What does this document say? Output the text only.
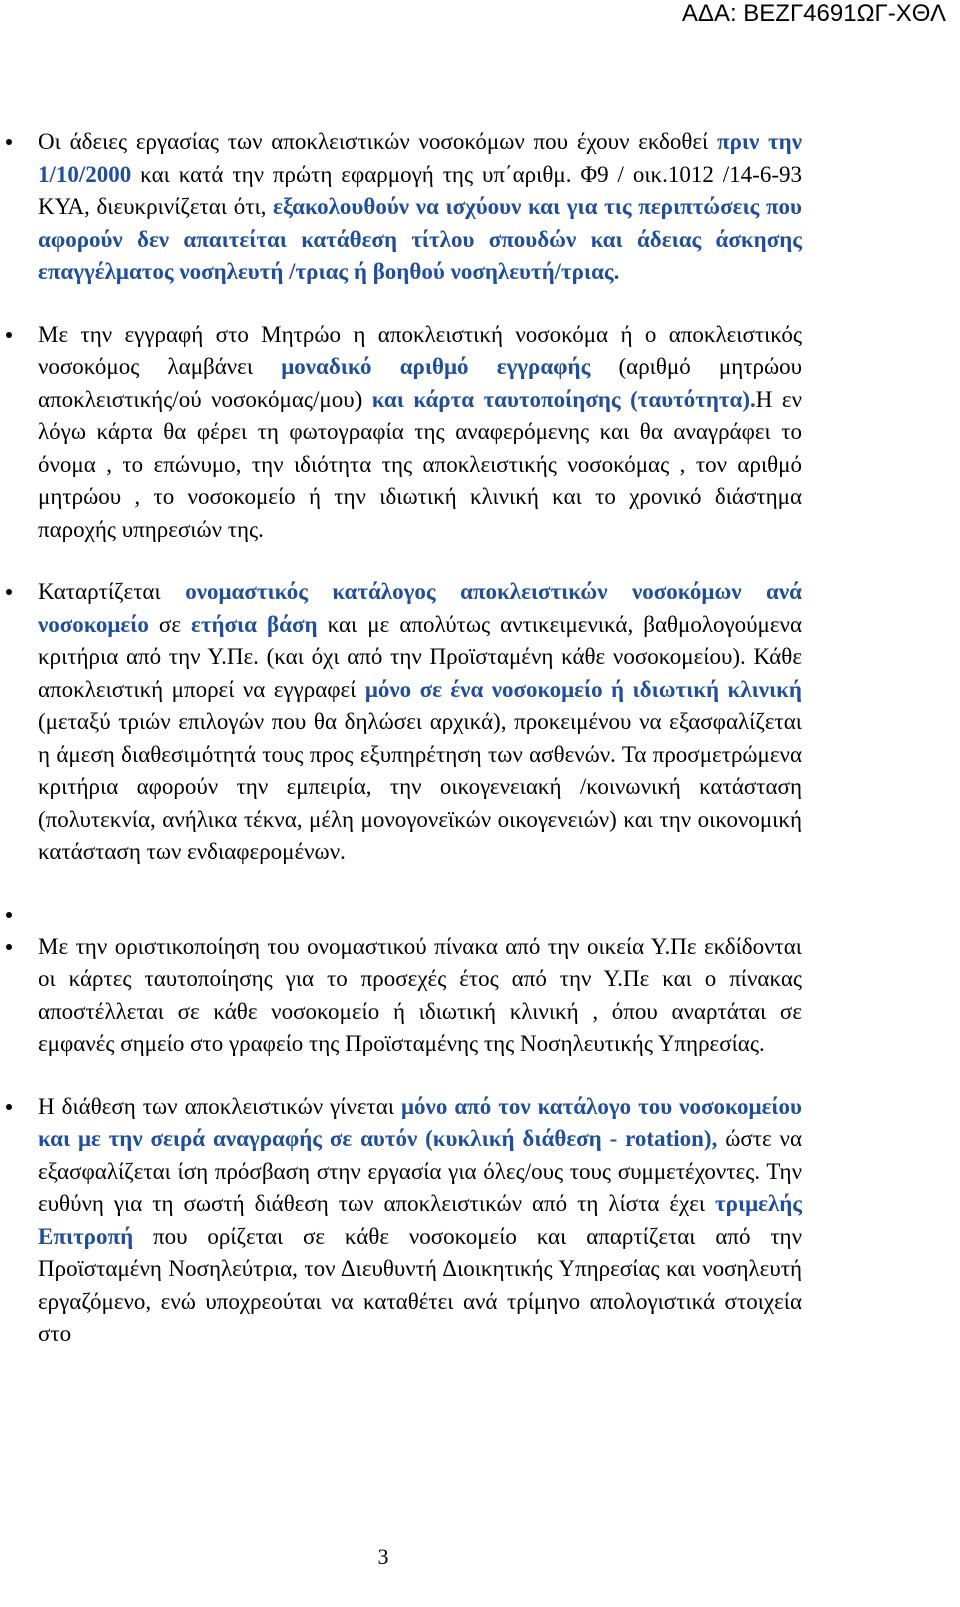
ΑΔΑ: ΒΕΖΓ4691ΩΓ-ΧΘΛ
Οι άδειες εργασίας των αποκλειστικών νοσοκόμων που έχουν εκδοθεί πριν την 1/10/2000 και κατά την πρώτη εφαρμογή της υπ΄αριθμ. Φ9 / οικ.1012 /14-6-93 ΚΥΑ, διευκρινίζεται ότι, εξακολουθούν να ισχύουν και για τις περιπτώσεις που αφορούν δεν απαιτείται κατάθεση τίτλου σπουδών και άδειας άσκησης επαγγέλματος νοσηλευτή /τριας ή βοηθού νοσηλευτή/τριας.
Με την εγγραφή στο Μητρώο η αποκλειστική νοσοκόμα ή ο αποκλειστικός νοσοκόμος λαμβάνει μοναδικό αριθμό εγγραφής (αριθμό μητρώου αποκλειστικής/ού νοσοκόμας/μου) και κάρτα ταυτοποίησης (ταυτότητα).Η εν λόγω κάρτα θα φέρει τη φωτογραφία της αναφερόμενης και θα αναγράφει το όνομα , το επώνυμο, την ιδιότητα της αποκλειστικής νοσοκόμας , τον αριθμό μητρώου , το νοσοκομείο ή την ιδιωτική κλινική και το χρονικό διάστημα παροχής υπηρεσιών της.
Καταρτίζεται ονομαστικός κατάλογος αποκλειστικών νοσοκόμων ανά νοσοκομείο σε ετήσια βάση και με απολύτως αντικειμενικά, βαθμολογούμενα κριτήρια από την Υ.Πε. (και όχι από την Προϊσταμένη κάθε νοσοκομείου). Κάθε αποκλειστική μπορεί να εγγραφεί μόνο σε ένα νοσοκομείο ή ιδιωτική κλινική (μεταξύ τριών επιλογών που θα δηλώσει αρχικά), προκειμένου να εξασφαλίζεται η άμεση διαθεσιμότητά τους προς εξυπηρέτηση των ασθενών. Τα προσμετρώμενα κριτήρια αφορούν την εμπειρία, την οικογενειακή /κοινωνική κατάσταση (πολυτεκνία, ανήλικα τέκνα, μέλη μονογονεϊκών οικογενειών) και την οικονομική κατάσταση των ενδιαφερομένων.
Με την οριστικοποίηση του ονομαστικού πίνακα από την οικεία Υ.Πε εκδίδονται οι κάρτες ταυτοποίησης για το προσεχές έτος από την Υ.Πε και ο πίνακας αποστέλλεται σε κάθε νοσοκομείο ή ιδιωτική κλινική , όπου αναρτάται σε εμφανές σημείο στο γραφείο της Προϊσταμένης της Νοσηλευτικής Υπηρεσίας.
Η διάθεση των αποκλειστικών γίνεται μόνο από τον κατάλογο του νοσοκομείου και με την σειρά αναγραφής σε αυτόν (κυκλική διάθεση - rotation), ώστε να εξασφαλίζεται ίση πρόσβαση στην εργασία για όλες/ους τους συμμετέχοντες. Την ευθύνη για τη σωστή διάθεση των αποκλειστικών από τη λίστα έχει τριμελής Επιτροπή που ορίζεται σε κάθε νοσοκομείο και απαρτίζεται από την Προϊσταμένη Νοσηλεύτρια, τον Διευθυντή Διοικητικής Υπηρεσίας και νοσηλευτή εργαζόμενο, ενώ υποχρεούται να καταθέτει ανά τρίμηνο απολογιστικά στοιχεία στο
3
